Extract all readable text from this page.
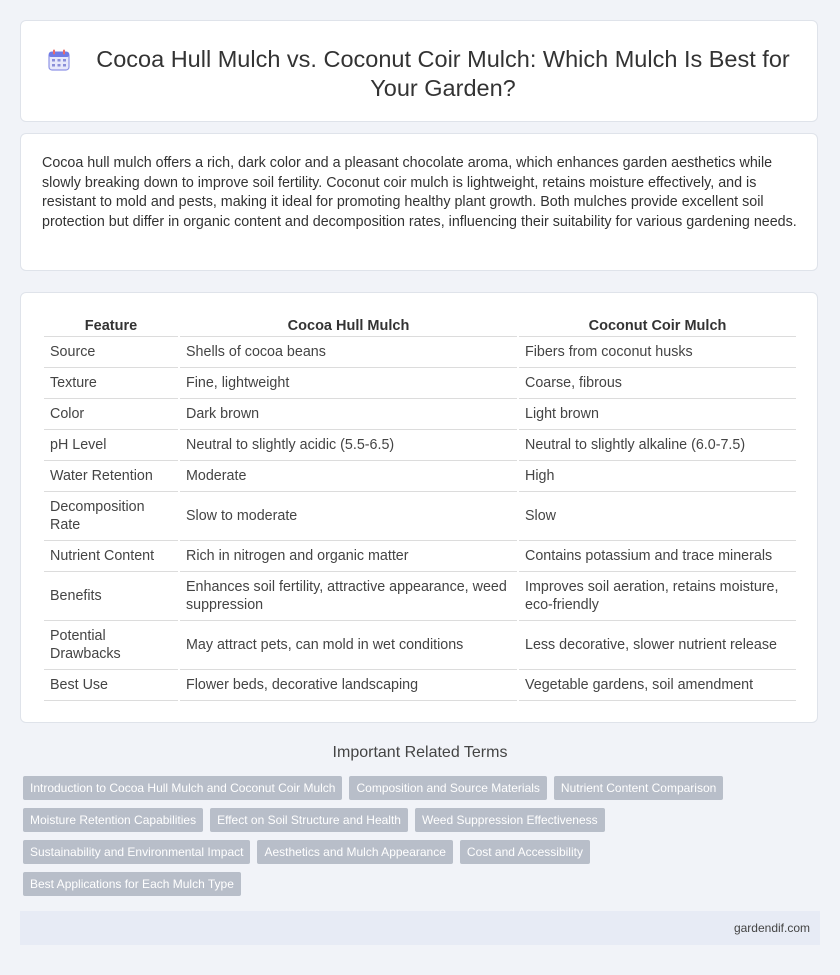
Cocoa Hull Mulch vs. Coconut Coir Mulch: Which Mulch Is Best for Your Garden?

Cocoa hull mulch offers a rich, dark color and a pleasant chocolate aroma, which enhances garden aesthetics while slowly breaking down to improve soil fertility. Coconut coir mulch is lightweight, retains moisture effectively, and is resistant to mold and pests, making it ideal for promoting healthy plant growth. Both mulches provide excellent soil protection but differ in organic content and decomposition rates, influencing their suitability for various gardening needs.

Feature	Cocoa Hull Mulch	Coconut Coir Mulch
Source	Shells of cocoa beans	Fibers from coconut husks
Texture	Fine, lightweight	Coarse, fibrous
Color	Dark brown	Light brown
pH Level	Neutral to slightly acidic (5.5-6.5)	Neutral to slightly alkaline (6.0-7.5)
Water Retention	Moderate	High
Decomposition Rate	Slow to moderate	Slow
Nutrient Content	Rich in nitrogen and organic matter	Contains potassium and trace minerals
Benefits	Enhances soil fertility, attractive appearance, weed suppression	Improves soil aeration, retains moisture, eco-friendly
Potential Drawbacks	May attract pets, can mold in wet conditions	Less decorative, slower nutrient release
Best Use	Flower beds, decorative landscaping	Vegetable gardens, soil amendment
Important Related Terms
Introduction to Cocoa Hull Mulch and Coconut Coir Mulch	Composition and Source Materials	Nutrient Content Comparison
Moisture Retention Capabilities	Effect on Soil Structure and Health	Weed Suppression Effectiveness
Sustainability and Environmental Impact	Aesthetics and Mulch Appearance	Cost and Accessibility
Best Applications for Each Mulch Type
gardendif.com
